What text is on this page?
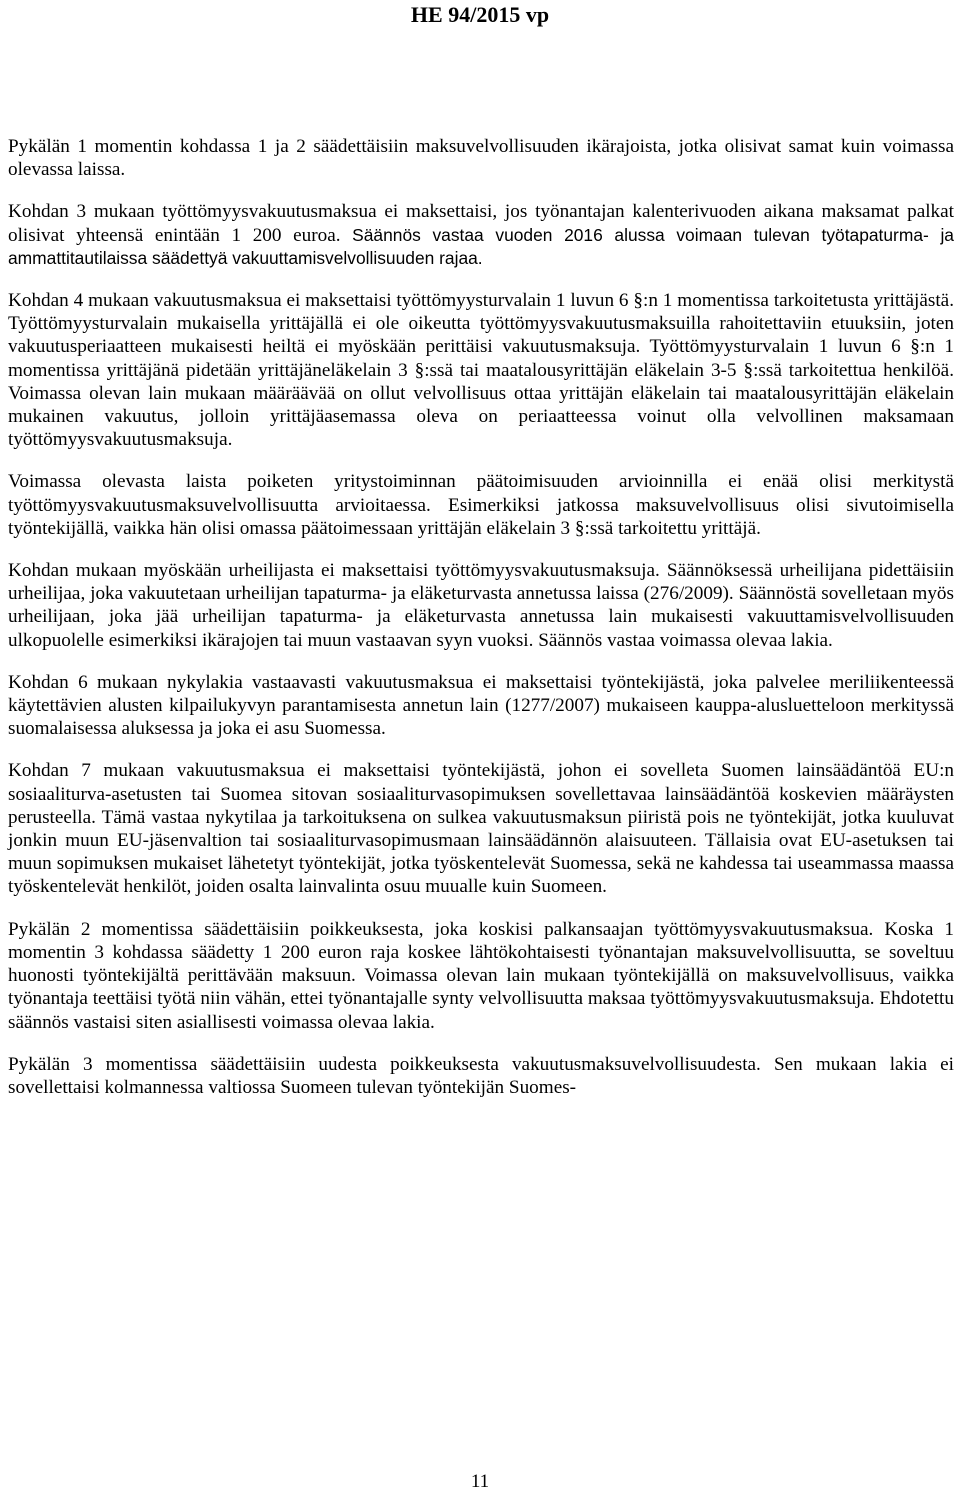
HE 94/2015 vp

Pykälän 1 momentin kohdassa 1 ja 2 säädettäisiin maksuvelvollisuuden ikärajoista, jotka olisivat samat kuin voimassa olevassa laissa.

Kohdan 3 mukaan työttömyysvakuutusmaksua ei maksettaisi, jos työnantajan kalenterivuoden aikana maksamat palkat olisivat yhteensä enintään 1 200 euroa. Säännös vastaa vuoden 2016 alussa voimaan tulevan työtapaturma- ja ammattitautilaissa säädettyä vakuuttamisvelvollisuuden rajaa.

Kohdan 4 mukaan vakuutusmaksua ei maksettaisi työttömyysturvalain 1 luvun 6 §:n 1 momentissa tarkoitetusta yrittäjästä. Työttömyysturvalain mukaisella yrittäjällä ei ole oikeutta työttömyysvakuutusmaksuilla rahoitettaviin etuuksiin, joten vakuutusperiaatteen mukaisesti heiltä ei myöskään perittäisi vakuutusmaksuja. Työttömyysturvalain 1 luvun 6 §:n 1 momentissa yrittäjänä pidetään yrittäjäneläkelain 3 §:ssä tai maatalousyrittäjän eläkelain 3-5 §:ssä tarkoitettua henkilöä. Voimassa olevan lain mukaan määräävää on ollut velvollisuus ottaa yrittäjän eläkelain tai maatalousyrittäjän eläkelain mukainen vakuutus, jolloin yrittäjäasemassa oleva on periaatteessa voinut olla velvollinen maksamaan työttömyysvakuutusmaksuja.

Voimassa olevasta laista poiketen yritystoiminnan päätoimisuuden arvioinnilla ei enää olisi merkitystä työttömyysvakuutusmaksuvelvollisuutta arvioitaessa. Esimerkiksi jatkossa maksuvelvollisuus olisi sivutoimisella työntekijällä, vaikka hän olisi omassa päätoimessaan yrittäjän eläkelain 3 §:ssä tarkoitettu yrittäjä.

Kohdan mukaan myöskään urheilijasta ei maksettaisi työttömyysvakuutusmaksuja. Säännöksessä urheilijana pidettäisiin urheilijaa, joka vakuutetaan urheilijan tapaturma- ja eläketurvasta annetussa laissa (276/2009). Säännöstä sovelletaan myös urheilijaan, joka jää urheilijan tapaturma- ja eläketurvasta annetussa lain mukaisesti vakuuttamisvelvollisuuden ulkopuolelle esimerkiksi ikärajojen tai muun vastaavan syyn vuoksi. Säännös vastaa voimassa olevaa lakia.

Kohdan 6 mukaan nykylakia vastaavasti vakuutusmaksua ei maksettaisi työntekijästä, joka palvelee meriliikenteessä käytettävien alusten kilpailukyvyn parantamisesta annetun lain (1277/2007) mukaiseen kauppa-alusluetteloon merkityssä suomalaisessa aluksessa ja joka ei asu Suomessa.

Kohdan 7 mukaan vakuutusmaksua ei maksettaisi työntekijästä, johon ei sovelleta Suomen lainsäädäntöä EU:n sosiaaliturva-asetusten tai Suomea sitovan sosiaaliturvasopimuksen sovellettavaa lainsäädäntöä koskevien määräysten perusteella. Tämä vastaa nykytilaa ja tarkoituksena on sulkea vakuutusmaksun piiristä pois ne työntekijät, jotka kuuluvat jonkin muun EU-jäsenvaltion tai sosiaaliturvasopimusmaan lainsäädännön alaisuuteen. Tällaisia ovat EU-asetuksen tai muun sopimuksen mukaiset lähetetyt työntekijät, jotka työskentelevät Suomessa, sekä ne kahdessa tai useammassa maassa työskentelevät henkilöt, joiden osalta lainvalinta osuu muualle kuin Suomeen.

Pykälän 2 momentissa säädettäisiin poikkeuksesta, joka koskisi palkansaajan työttömyysvakuutusmaksua. Koska 1 momentin 3 kohdassa säädetty 1 200 euron raja koskee lähtökohtaisesti työnantajan maksuvelvollisuutta, se soveltuu huonosti työntekijältä perittävään maksuun. Voimassa olevan lain mukaan työntekijällä on maksuvelvollisuus, vaikka työnantaja teettäisi työtä niin vähän, ettei työnantajalle synty velvollisuutta maksaa työttömyysvakuutusmaksuja. Ehdotettu säännös vastaisi siten asiallisesti voimassa olevaa lakia.

Pykälän 3 momentissa säädettäisiin uudesta poikkeuksesta vakuutusmaksuvelvollisuudesta. Sen mukaan lakia ei sovellettaisi kolmannessa valtiossa Suomeen tulevan työntekijän Suomes-

11
